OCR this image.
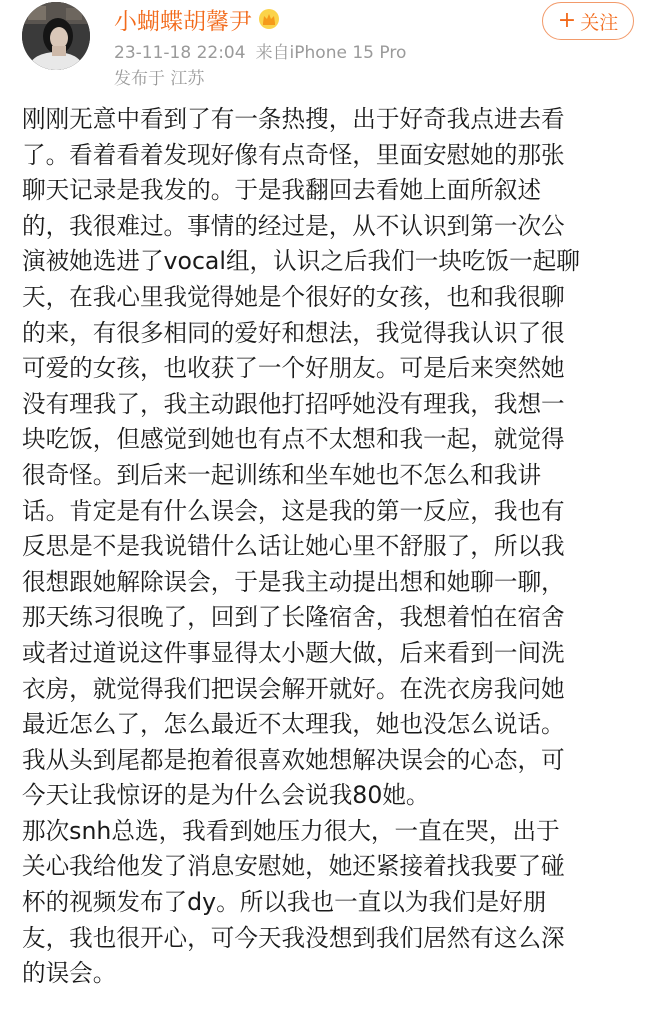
小蝴蝶胡馨尹
23-11-18 22:04 来自iPhone 15 Pro
发布于 江苏
+ 关注
刚刚无意中看到了有一条热搜，出于好奇我点进去看
了。看着看着发现好像有点奇怪，里面安慰她的那张
聊天记录是我发的。于是我翻回去看她上面所叙述
的，我很难过。事情的经过是，从不认识到第一次公
演被她选进了vocal组，认识之后我们一块吃饭一起聊
天，在我心里我觉得她是个很好的女孩，也和我很聊
的来，有很多相同的爱好和想法，我觉得我认识了很
可爱的女孩，也收获了一个好朋友。可是后来突然她
没有理我了，我主动跟他打招呼她没有理我，我想一
块吃饭，但感觉到她也有点不太想和我一起，就觉得
很奇怪。到后来一起训练和坐车她也不怎么和我讲
话。肯定是有什么误会，这是我的第一反应，我也有
反思是不是我说错什么话让她心里不舒服了，所以我
很想跟她解除误会，于是我主动提出想和她聊一聊，
那天练习很晚了，回到了长隆宿舍，我想着怕在宿舍
或者过道说这件事显得太小题大做，后来看到一间洗
衣房，就觉得我们把误会解开就好。在洗衣房我问她
最近怎么了，怎么最近不太理我，她也没怎么说话。
我从头到尾都是抱着很喜欢她想解决误会的心态，可
今天让我惊讶的是为什么会说我80她。
那次snh总选，我看到她压力很大，一直在哭，出于
关心我给他发了消息安慰她，她还紧接着找我要了碰
杯的视频发布了dy。所以我也一直以为我们是好朋
友，我也很开心，可今天我没想到我们居然有这么深
的误会。
